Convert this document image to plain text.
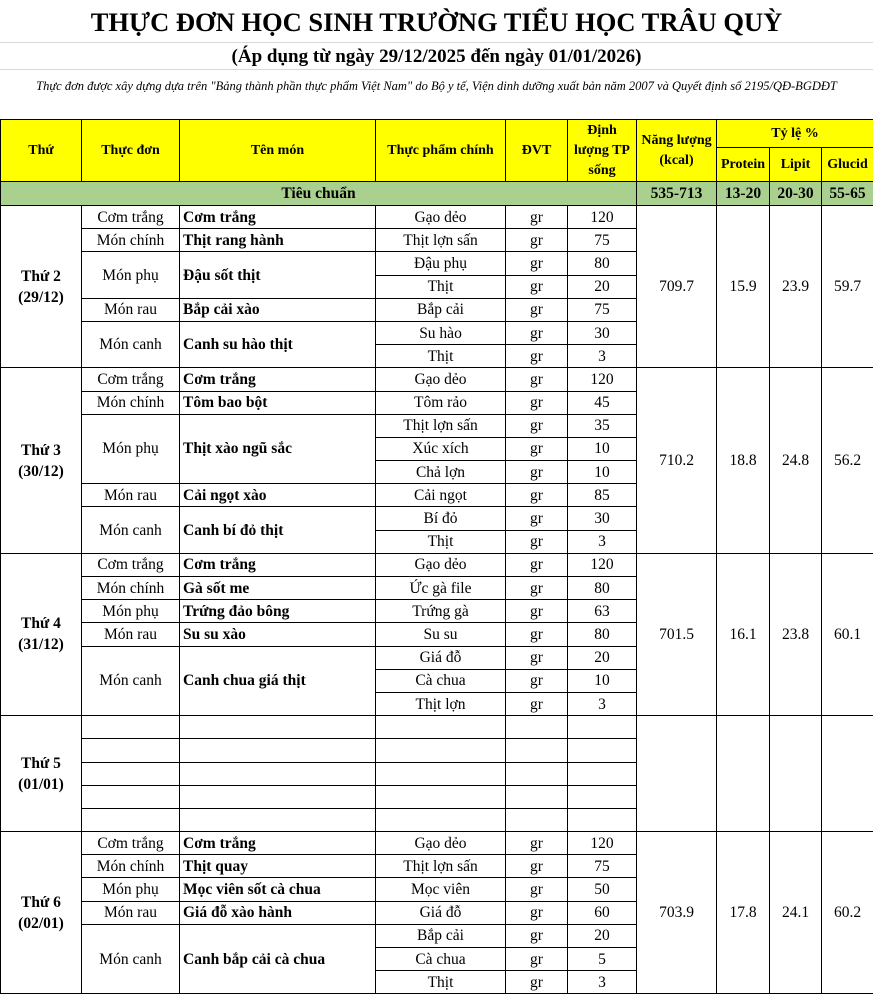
THỰC ĐƠN HỌC SINH TRƯỜNG TIỂU HỌC TRÂU QUỲ
(Áp dụng từ ngày 29/12/2025 đến ngày 01/01/2026)
Thực đơn được xây dựng dựa trên "Bảng thành phần thực phẩm Việt Nam" do Bộ y tế, Viện dinh dưỡng xuất bản năm 2007 và Quyết định số 2195/QĐ-BGDĐT
Thứ	Thực đơn	Tên món	Thực phẩm chính	ĐVT	Định lượng TP sống	Năng lượng (kcal)	Tỷ lệ %		
							Protein	Lipit	Glucid
Tiêu chuẩn						535-713	13-20	20-30	55-65

Thứ 2
(29/12)	Cơm trắng	Cơm trắng	Gạo dẻo	gr	120	709.7	15.9	23.9	59.7
	Món chính	Thịt rang hành	Thịt lợn sấn	gr	75				
	Món phụ	Đậu sốt thịt	Đậu phụ	gr	80				
			Thịt	gr	20				
	Món rau	Bắp cải xào	Bắp cải	gr	75				
	Món canh	Canh su hào thịt	Su hào	gr	30				
			Thịt	gr	3				

Thứ 3
(30/12)	Cơm trắng	Cơm trắng	Gạo dẻo	gr	120	710.2	18.8	24.8	56.2
	Món chính	Tôm bao bột	Tôm rảo	gr	45				
	Món phụ	Thịt xào ngũ sắc	Thịt lợn sấn	gr	35				
			Xúc xích	gr	10				
			Chả lợn	gr	10				
	Món rau	Cải ngọt xào	Cải ngọt	gr	85				
	Món canh	Canh bí đỏ thịt	Bí đỏ	gr	30				
			Thịt	gr	3				

Thứ 4
(31/12)	Cơm trắng	Cơm trắng	Gạo dẻo	gr	120	701.5	16.1	23.8	60.1
	Món chính	Gà sốt me	Ức gà file	gr	80				
	Món phụ	Trứng đảo bông	Trứng gà	gr	63				
	Món rau	Su su xào	Su su	gr	80				
	Món canh	Canh chua giá thịt	Giá đỗ	gr	20				
			Cà chua	gr	10				
			Thịt lợn	gr	3				

Thứ 5
(01/01)									

Thứ 6
(02/01)	Cơm trắng	Cơm trắng	Gạo dẻo	gr	120	703.9	17.8	24.1	60.2
	Món chính	Thịt quay	Thịt lợn sấn	gr	75				
	Món phụ	Mọc viên sốt cà chua	Mọc viên	gr	50				
	Món rau	Giá đỗ xào hành	Giá đỗ	gr	60				
	Món canh	Canh bắp cải cà chua	Bắp cải	gr	20				
			Cà chua	gr	5				
			Thịt	gr	3				
